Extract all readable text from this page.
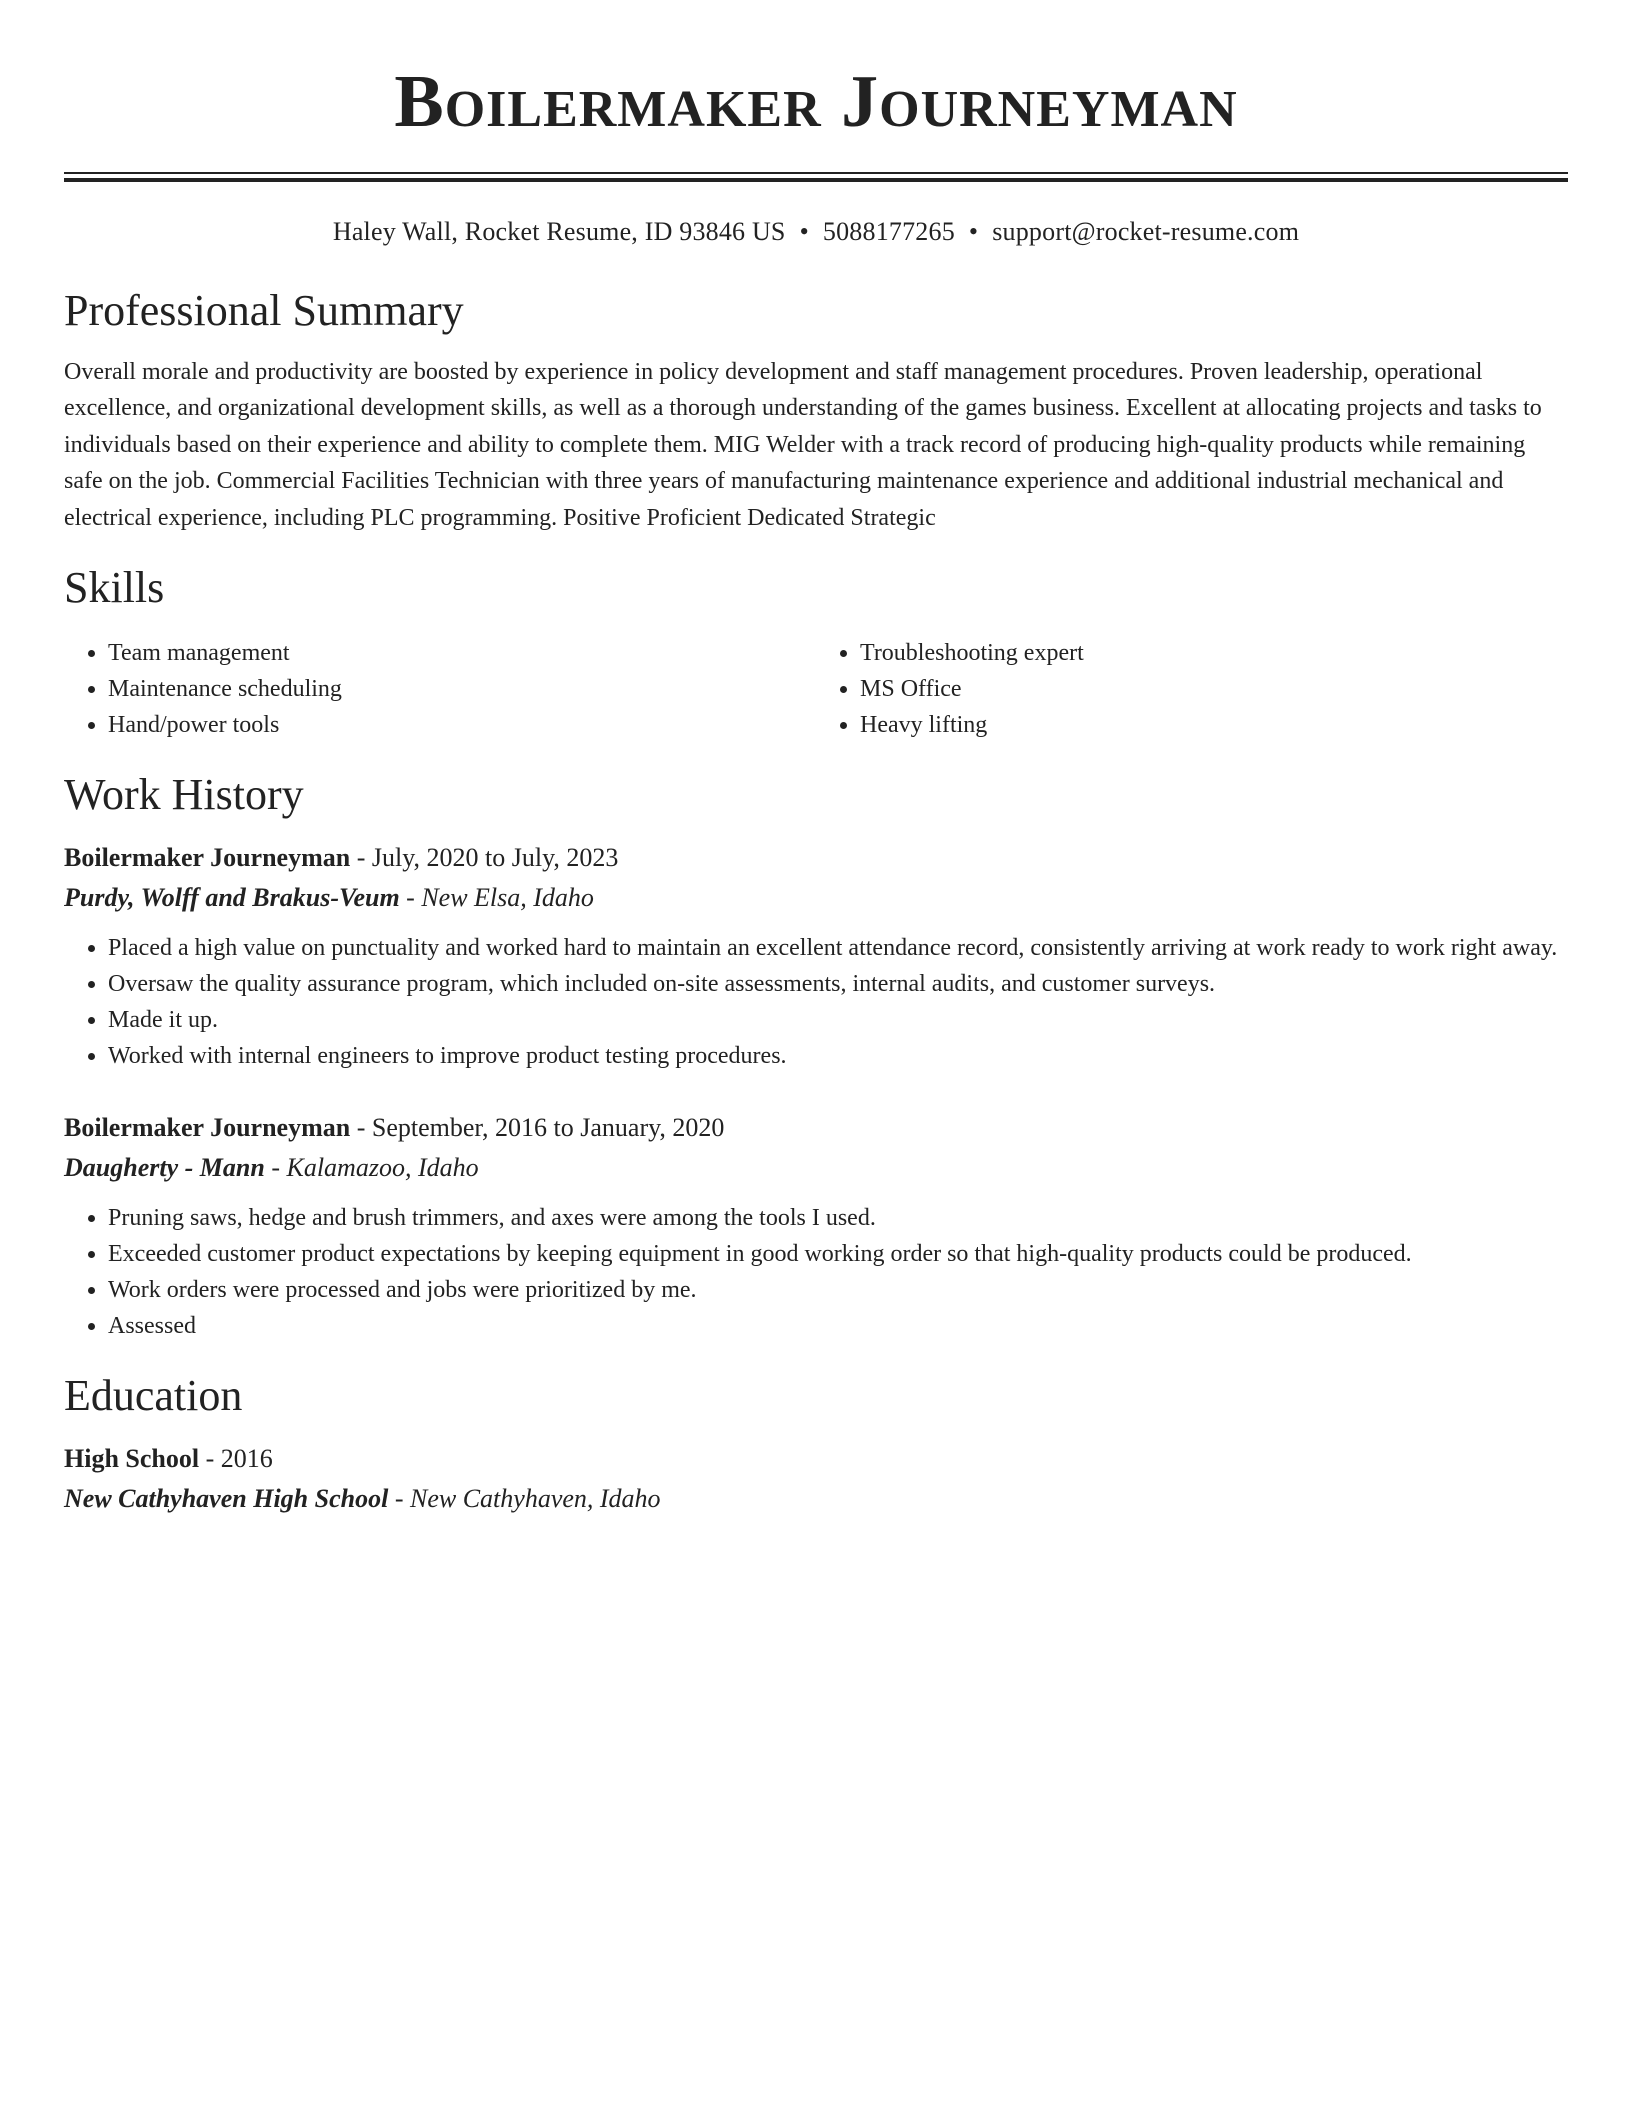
Boilermaker Journeyman
Haley Wall, Rocket Resume, ID 93846 US • 5088177265 • support@rocket-resume.com
Professional Summary

Overall morale and productivity are boosted by experience in policy development and staff management procedures. Proven leadership, operational excellence, and organizational development skills, as well as a thorough understanding of the games business. Excellent at allocating projects and tasks to individuals based on their experience and ability to complete them. MIG Welder with a track record of producing high-quality products while remaining safe on the job. Commercial Facilities Technician with three years of manufacturing maintenance experience and additional industrial mechanical and electrical experience, including PLC programming. Positive Proficient Dedicated Strategic

Skills
• Team management
• Maintenance scheduling
• Hand/power tools
• Troubleshooting expert
• MS Office
• Heavy lifting
Work History
Boilermaker Journeyman - July, 2020 to July, 2023
Purdy, Wolff and Brakus-Veum - New Elsa, Idaho
• Placed a high value on punctuality and worked hard to maintain an excellent attendance record, consistently arriving at work ready to work right away.
• Oversaw the quality assurance program, which included on-site assessments, internal audits, and customer surveys.
• Made it up.
• Worked with internal engineers to improve product testing procedures.
Boilermaker Journeyman - September, 2016 to January, 2020
Daugherty - Mann - Kalamazoo, Idaho
• Pruning saws, hedge and brush trimmers, and axes were among the tools I used.
• Exceeded customer product expectations by keeping equipment in good working order so that high-quality products could be produced.
• Work orders were processed and jobs were prioritized by me.
• Assessed
Education
High School - 2016
New Cathyhaven High School - New Cathyhaven, Idaho
